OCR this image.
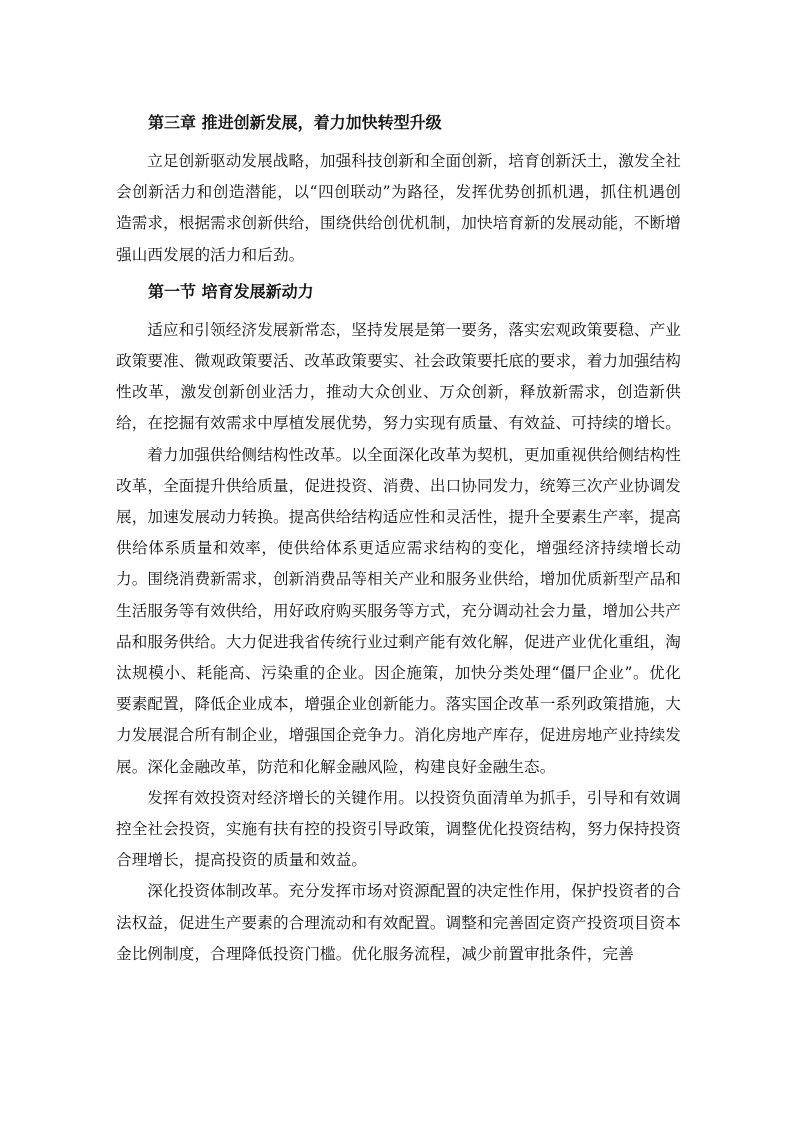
第三章 推进创新发展，着力加快转型升级

立足创新驱动发展战略，加强科技创新和全面创新，培育创新沃土，激发全社会创新活力和创造潜能，以“四创联动”为路径，发挥优势创抓机遇，抓住机遇创造需求，根据需求创新供给，围绕供给创优机制，加快培育新的发展动能，不断增强山西发展的活力和后劲。

第一节 培育发展新动力

适应和引领经济发展新常态，坚持发展是第一要务，落实宏观政策要稳、产业政策要准、微观政策要活、改革政策要实、社会政策要托底的要求，着力加强结构性改革，激发创新创业活力，推动大众创业、万众创新，释放新需求，创造新供给，在挖掘有效需求中厚植发展优势，努力实现有质量、有效益、可持续的增长。

着力加强供给侧结构性改革。以全面深化改革为契机，更加重视供给侧结构性改革，全面提升供给质量，促进投资、消费、出口协同发力，统筹三次产业协调发展，加速发展动力转换。提高供给结构适应性和灵活性，提升全要素生产率，提高供给体系质量和效率，使供给体系更适应需求结构的变化，增强经济持续增长动力。围绕消费新需求，创新消费品等相关产业和服务业供给，增加优质新型产品和生活服务等有效供给，用好政府购买服务等方式，充分调动社会力量，增加公共产品和服务供给。大力促进我省传统行业过剩产能有效化解，促进产业优化重组，淘汰规模小、耗能高、污染重的企业。因企施策，加快分类处理“僵尸企业”。优化要素配置，降低企业成本，增强企业创新能力。落实国企改革一系列政策措施，大力发展混合所有制企业，增强国企竞争力。消化房地产库存，促进房地产业持续发展。深化金融改革，防范和化解金融风险，构建良好金融生态。

发挥有效投资对经济增长的关键作用。以投资负面清单为抓手，引导和有效调控全社会投资，实施有扶有控的投资引导政策，调整优化投资结构，努力保持投资合理增长，提高投资的质量和效益。

深化投资体制改革。充分发挥市场对资源配置的决定性作用，保护投资者的合法权益，促进生产要素的合理流动和有效配置。调整和完善固定资产投资项目资本金比例制度，合理降低投资门槛。优化服务流程，减少前置审批条件，完善
